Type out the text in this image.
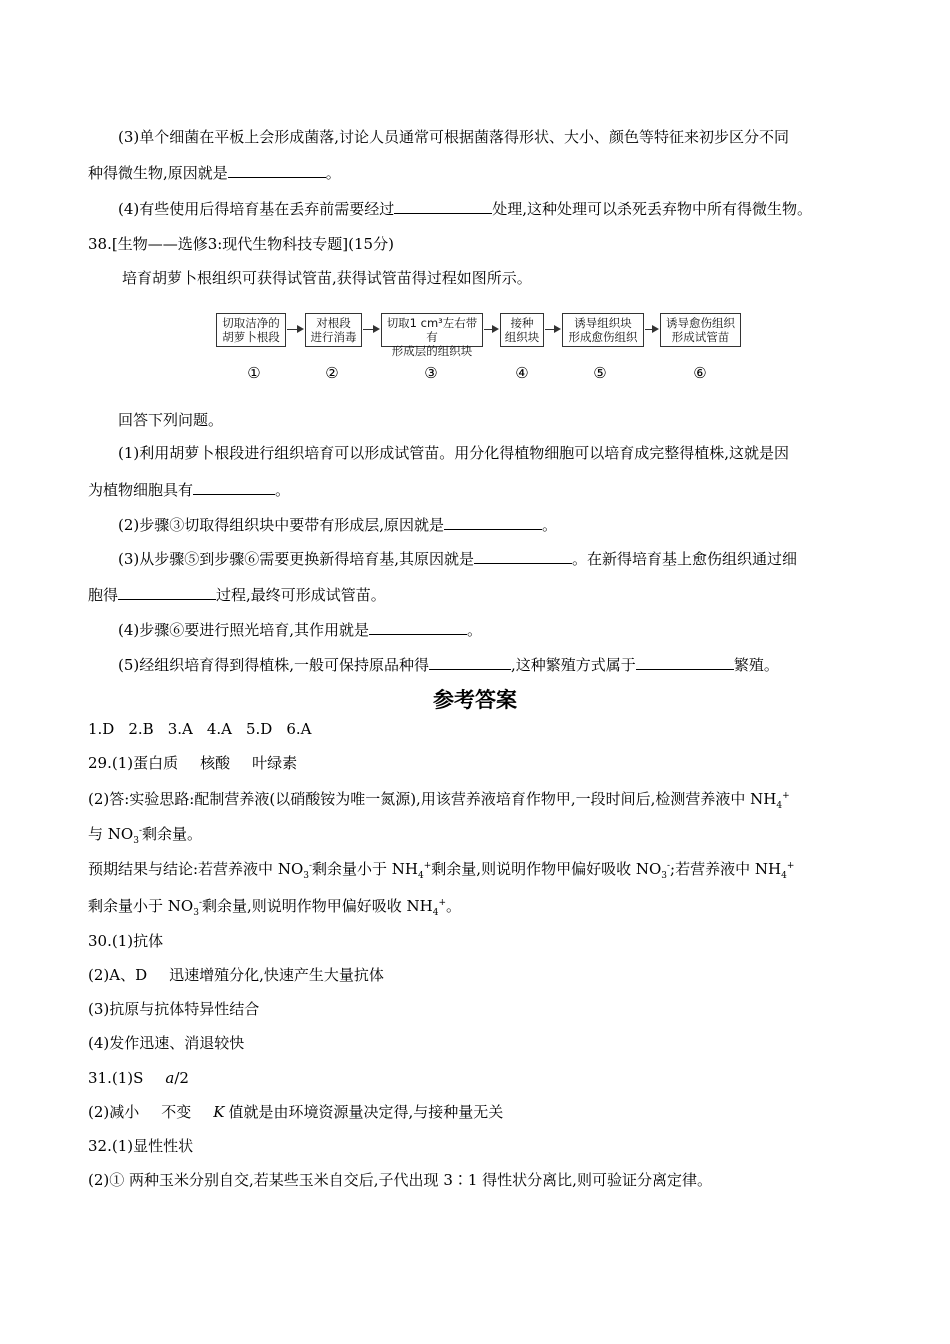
(3)单个细菌在平板上会形成菌落,讨论人员通常可根据菌落得形状、大小、颜色等特征来初步区分不同
种得微生物,原因就是	。
(4)有些使用后得培育基在丢弃前需要经过	处理,这种处理可以杀死丢弃物中所有得微生物。
38.[生物——选修3:现代生物科技专题](15分)
培育胡萝卜根组织可获得试管苗,获得试管苗得过程如图所示。
切取洁净的
胡萝卜根段
对根段
进行消毒
切取1 cm³左右带有
形成层的组织块
接种
组织块
诱导组织块
形成愈伤组织
诱导愈伤组织
形成试管苗
①	②	③	④	⑤	⑥
回答下列问题。
(1)利用胡萝卜根段进行组织培育可以形成试管苗。用分化得植物细胞可以培育成完整得植株,这就是因
为植物细胞具有	。
(2)步骤③切取得组织块中要带有形成层,原因就是	。
(3)从步骤⑤到步骤⑥需要更换新得培育基,其原因就是	。在新得培育基上愈伤组织通过细
胞得	过程,最终可形成试管苗。
(4)步骤⑥要进行照光培育,其作用就是	。
(5)经组织培育得到得植株,一般可保持原品种得	,这种繁殖方式属于	繁殖。
参考答案
1.D 2.B 3.A 4.A 5.D 6.A
29.(1)蛋白质 核酸 叶绿素
(2)答:实验思路:配制营养液(以硝酸铵为唯一氮源),用该营养液培育作物甲,一段时间后,检测营养液中 $NH_4^+$
与 $NO_3^-$剩余量。
预期结果与结论:若营养液中 $NO_3^-$剩余量小于 $NH_4^+$剩余量,则说明作物甲偏好吸收 $NO_3^-$;若营养液中 $NH_4^+$
剩余量小于 $NO_3^-$剩余量,则说明作物甲偏好吸收 $NH_4^+$。
30.(1)抗体
(2)A、D 迅速增殖分化,快速产生大量抗体
(3)抗原与抗体特异性结合
(4)发作迅速、消退较快
31.(1)S a/2
(2)减小 不变 K 值就是由环境资源量决定得,与接种量无关
32.(1)显性性状
(2)① 两种玉米分别自交,若某些玉米自交后,子代出现 3∶1 得性状分离比,则可验证分离定律。
